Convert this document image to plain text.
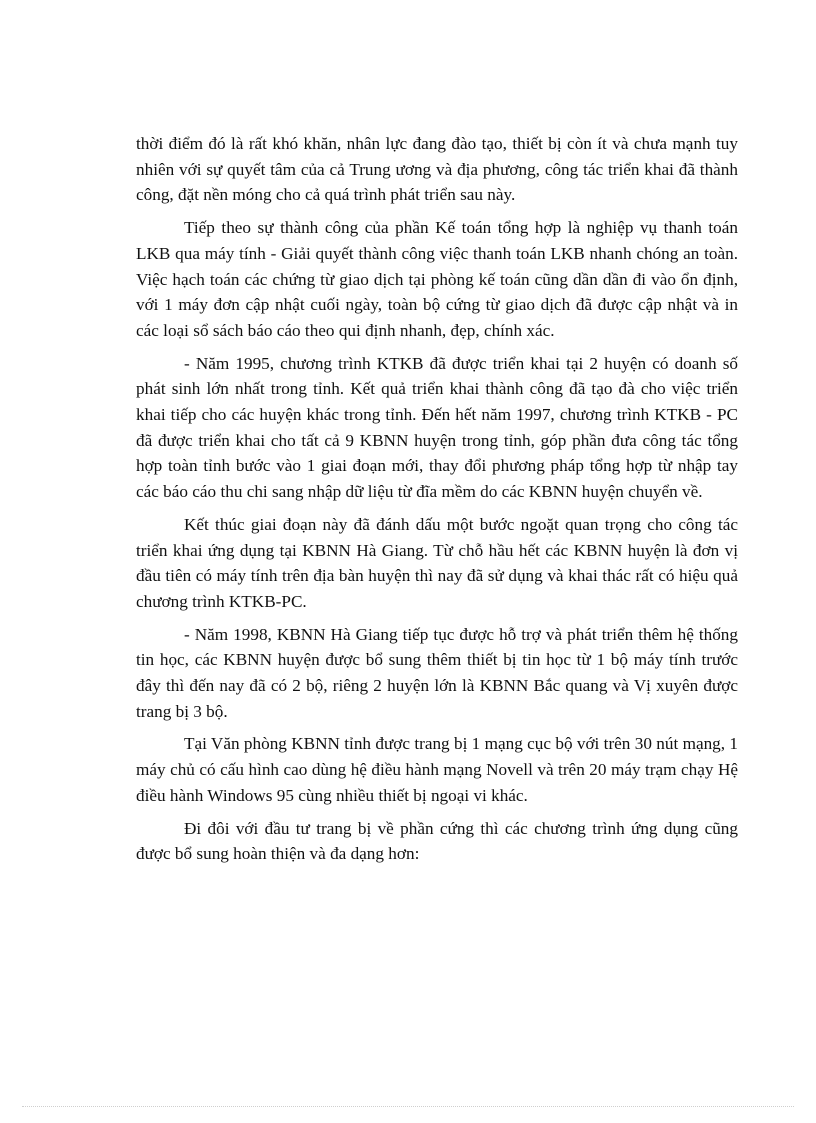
thời điểm đó là rất khó khăn, nhân lực đang đào tạo, thiết bị còn ít và chưa mạnh tuy nhiên với sự quyết tâm của cả Trung ương và địa phương, công tác triển khai đã thành công, đặt nền móng cho cả quá trình phát triển sau này.

Tiếp theo sự thành công của phần Kế toán tổng hợp là nghiệp vụ thanh toán LKB qua máy tính - Giải quyết thành công việc thanh toán LKB nhanh chóng an toàn. Việc hạch toán các chứng từ giao dịch tại phòng kế toán cũng dần dần đi vào ổn định, với 1 máy đơn cập nhật cuối ngày, toàn bộ cứng từ giao dịch đã được cập nhật và in các loại sổ sách báo cáo theo qui định nhanh, đẹp, chính xác.

- Năm 1995, chương trình KTKB đã được triển khai tại 2 huyện có doanh số phát sinh lớn nhất trong tỉnh. Kết quả triển khai thành công đã tạo đà cho việc triển khai tiếp cho các huyện khác trong tỉnh. Đến hết năm 1997, chương trình KTKB - PC đã được triển khai cho tất cả 9 KBNN huyện trong tỉnh, góp phần đưa công tác tổng hợp toàn tỉnh bước vào 1 giai đoạn mới, thay đổi phương pháp tổng hợp từ nhập tay các báo cáo thu chi sang nhập dữ liệu từ đĩa mềm do các KBNN huyện chuyển về.

Kết thúc giai đoạn này đã đánh dấu một bước ngoặt quan trọng cho công tác triển khai ứng dụng tại KBNN Hà Giang. Từ chỗ hầu hết các KBNN huyện là đơn vị đầu tiên có máy tính trên địa bàn huyện thì nay đã sử dụng và khai thác rất có hiệu quả chương trình KTKB-PC.

- Năm 1998, KBNN Hà Giang tiếp tục được hỗ trợ và phát triển thêm hệ thống tin học, các KBNN huyện được bổ sung thêm thiết bị tin học từ 1 bộ máy tính trước đây thì đến nay đã có 2 bộ, riêng 2 huyện lớn là KBNN Bắc quang và Vị xuyên được trang bị 3 bộ.

Tại Văn phòng KBNN tỉnh được trang bị 1 mạng cục bộ với trên 30 nút mạng, 1 máy chủ có cấu hình cao dùng hệ điều hành mạng Novell và trên 20 máy trạm chạy Hệ điều hành Windows 95 cùng nhiều thiết bị ngoại vi khác.

Đi đôi với đầu tư trang bị về phần cứng thì các chương trình ứng dụng cũng được bổ sung hoàn thiện và đa dạng hơn:
